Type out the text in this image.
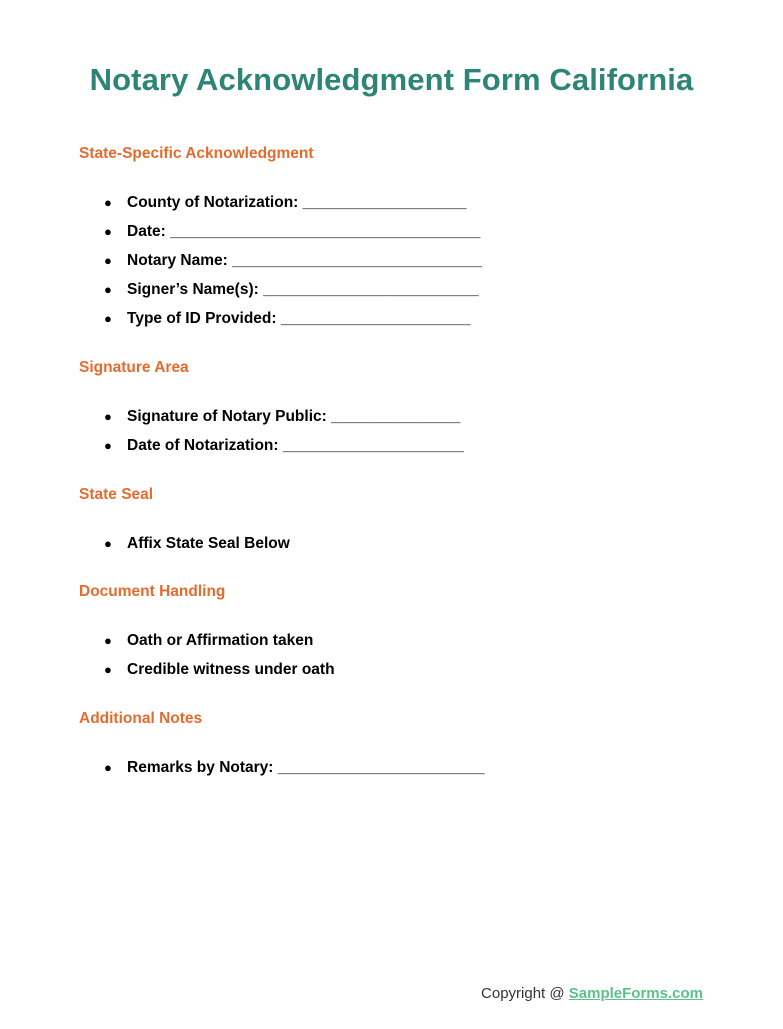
Notary Acknowledgment Form California
State-Specific Acknowledgment
● County of Notarization: ___________________
● Date: ____________________________________
● Notary Name: _____________________________
● Signer’s Name(s): _________________________
● Type of ID Provided: ______________________
Signature Area
● Signature of Notary Public: _______________
● Date of Notarization: _____________________
State Seal
● Affix State Seal Below
Document Handling
● Oath or Affirmation taken
● Credible witness under oath
Additional Notes
● Remarks by Notary: ________________________
Copyright @ SampleForms.com
